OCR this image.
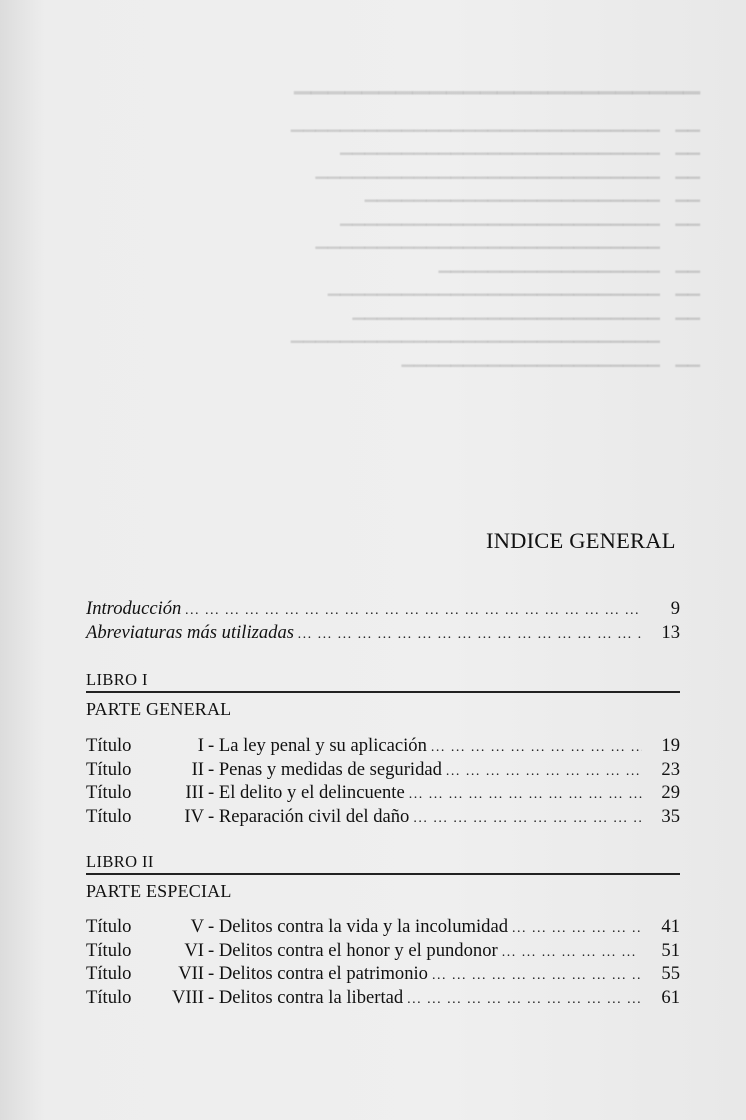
▁▁▁▁▁▁▁▁▁▁▁▁▁▁▁▁▁▁▁▁▁▁▁▁
▁▁
▁▁▁▁▁▁▁▁▁▁▁▁▁▁▁▁▁▁▁▁▁▁▁▁▁▁▁▁▁▁
▁▁
▁▁▁▁▁▁▁▁▁▁▁▁▁▁▁▁▁▁▁▁▁▁▁▁▁▁
▁▁
▁▁▁▁▁▁▁▁▁▁▁▁▁▁▁▁▁▁▁▁▁▁▁▁▁▁▁▁
▁▁
▁▁▁▁▁▁▁▁▁▁▁▁▁▁▁▁▁▁▁▁▁▁▁▁
▁▁
▁▁▁▁▁▁▁▁▁▁▁▁▁▁▁▁▁▁▁▁▁▁▁▁▁▁
▁▁▁▁▁▁▁▁▁▁▁▁▁▁▁▁▁▁▁▁▁▁▁▁▁▁▁▁
▁▁
▁▁▁▁▁▁▁▁▁▁▁▁▁▁▁▁▁▁
▁▁
▁▁▁▁▁▁▁▁▁▁▁▁▁▁▁▁▁▁▁▁▁▁▁▁▁▁▁
▁▁
▁▁▁▁▁▁▁▁▁▁▁▁▁▁▁▁▁▁▁▁▁▁▁▁▁
▁▁▁▁▁▁▁▁▁▁▁▁▁▁▁▁▁▁▁▁▁▁▁▁▁▁▁▁▁▁
▁▁
▁▁▁▁▁▁▁▁▁▁▁▁▁▁▁▁▁▁▁▁▁
INDICE GENERAL
Introducción ... .	9
Abreviaturas más utilizadas ... .	13
LIBRO I
PARTE GENERAL
Título	I - La ley penal y su aplicación ... .	19
Título	II - Penas y medidas de seguridad ... .	23
Título	III - El delito y el delincuente ... .	29
Título	IV - Reparación civil del daño ... .	35
LIBRO II
PARTE ESPECIAL
Título	V - Delitos contra la vida y la incolumidad ... .	41
Título	VI - Delitos contra el honor y el pundonor ... .	51
Título	VII - Delitos contra el patrimonio ... .	55
Título	VIII - Delitos contra la libertad ... .	61
